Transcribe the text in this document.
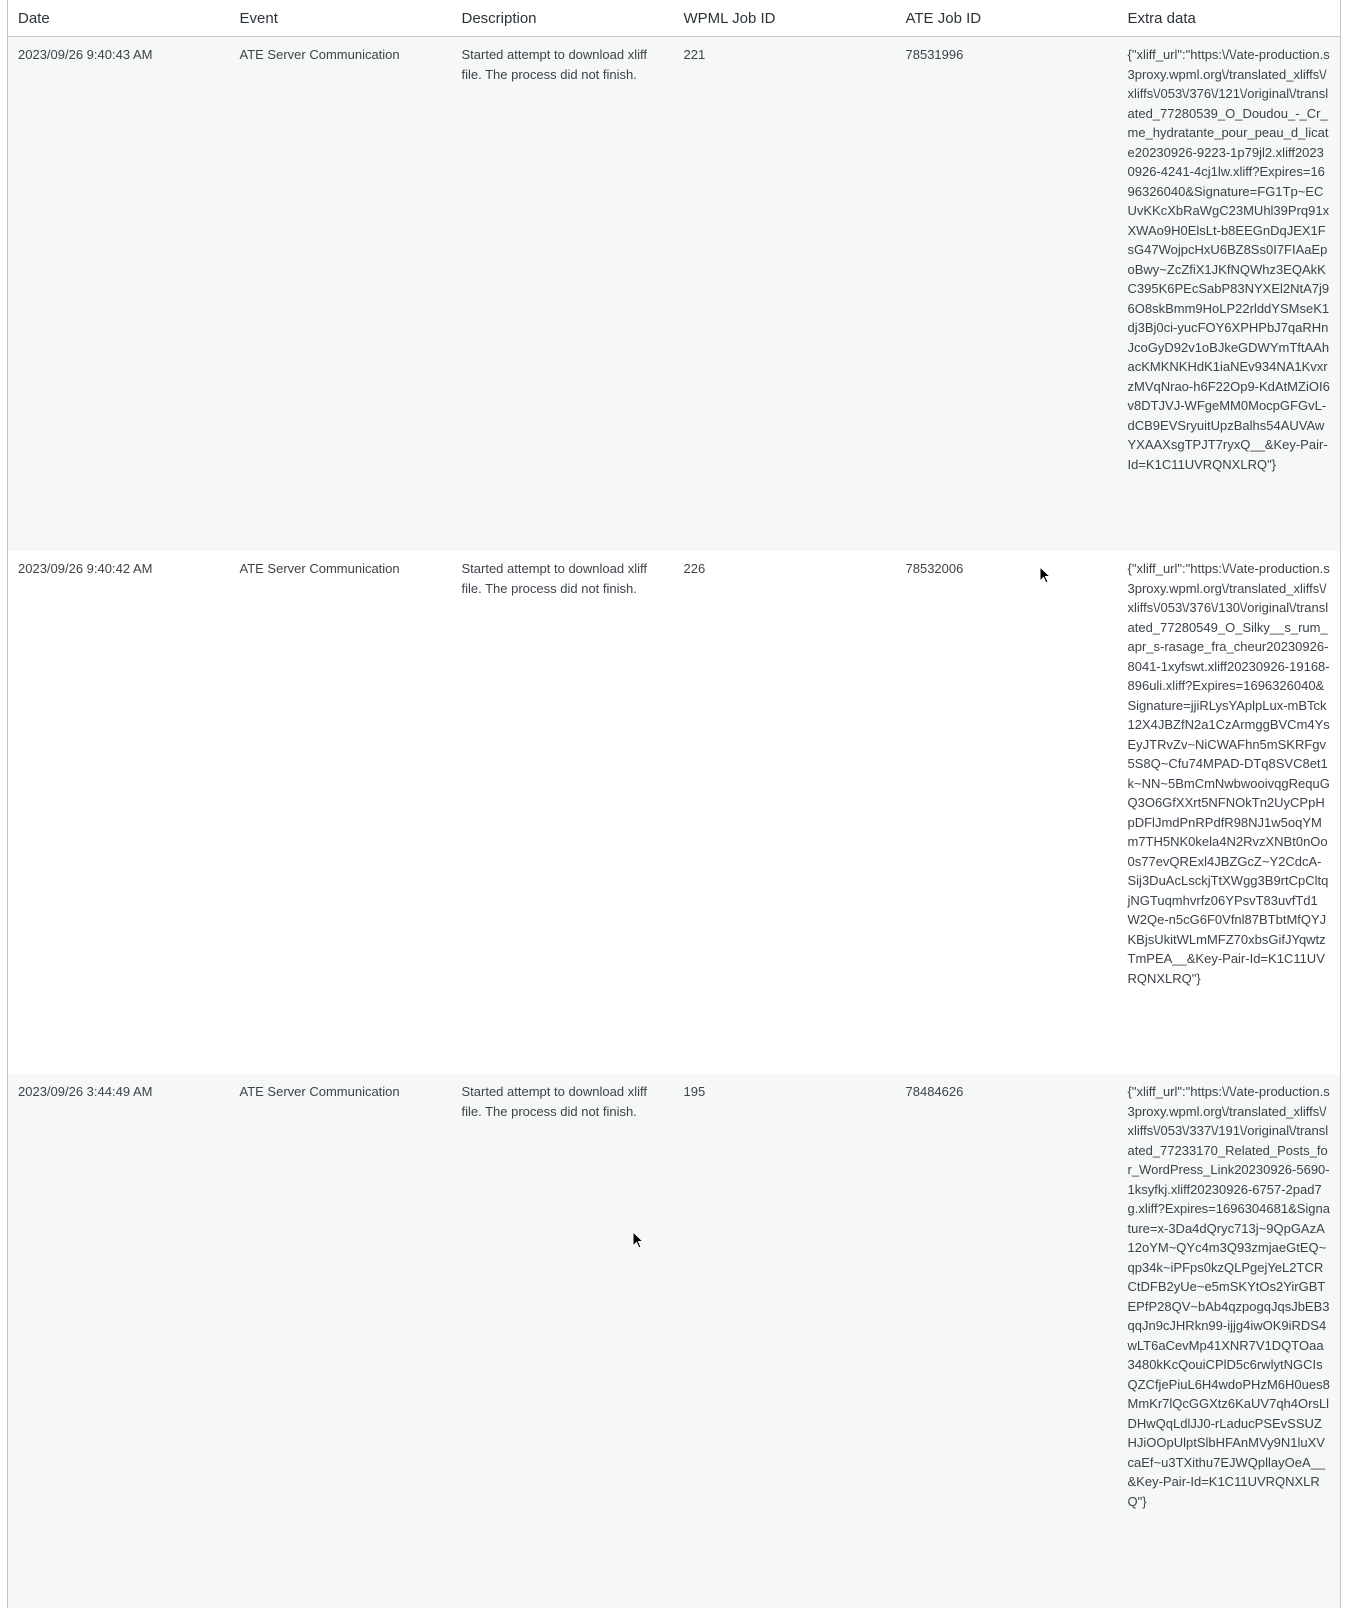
Date	Event	Description	WPML Job ID	ATE Job ID	Extra data
2023/09/26 9:40:43 AM	ATE Server Communication	Started attempt to download xliff file. The process did not finish.	221	78531996	{"xliff_url":"https:\/\/ate-production.s3proxy.wpml.org\/translated_xliffs\/xliffs\/053\/376\/121\/original\/translated_77280539_O_Doudou_-_Cr_me_hydratante_pour_peau_d_licate20230926-9223-1p79jl2.xliff20230926-4241-4cj1lw.xliff?Expires=1696326040&Signature=FG1Tp~ECUvKKcXbRaWgC23MUhl39Prq91xXWAo9H0ElsLt-b8EEGnDqJEX1FsG47WojpcHxU6BZ8Ss0I7FIAaEpoBwy~ZcZfiX1JKfNQWhz3EQAkKC395K6PEcSabP83NYXEl2NtA7j96O8skBmm9HoLP22rlddYSMseK1dj3Bj0ci-yucFOY6XPHPbJ7qaRHnJcoGyD92v1oBJkeGDWYmTftAAhacKMKNKHdK1iaNEv934NA1KvxrzMVqNrao-h6F22Op9-KdAtMZiOI6v8DTJVJ-WFgeMM0MocpGFGvL-dCB9EVSryuitUpzBalhs54AUVAwYXAAXsgTPJT7ryxQ__&Key-Pair-Id=K1C11UVRQNXLRQ"}
2023/09/26 9:40:42 AM	ATE Server Communication	Started attempt to download xliff file. The process did not finish.	226	78532006	{"xliff_url":"https:\/\/ate-production.s3proxy.wpml.org\/translated_xliffs\/xliffs\/053\/376\/130\/original\/translated_77280549_O_Silky__s_rum_apr_s-rasage_fra_cheur20230926-8041-1xyfswt.xliff20230926-19168-896uli.xliff?Expires=1696326040&Signature=jjiRLysYAplpLux-mBTck12X4JBZfN2a1CzArmggBVCm4YsEyJTRvZv~NiCWAFhn5mSKRFgv5S8Q~Cfu74MPAD-DTq8SVC8et1k~NN~5BmCmNwbwooivqgRequGQ3O6GfXXrt5NFNOkTn2UyCPpHpDFlJmdPnRPdfR98NJ1w5oqYMm7TH5NK0kela4N2RvzXNBt0nOo0s77evQRExl4JBZGcZ~Y2CdcA-Sij3DuAcLsckjTtXWgg3B9rtCpCltqjNGTuqmhvrfz06YPsvT83uvfTd1W2Qe-n5cG6F0Vfnl87BTbtMfQYJKBjsUkitWLmMFZ70xbsGifJYqwtzTmPEA__&Key-Pair-Id=K1C11UVRQNXLRQ"}
2023/09/26 3:44:49 AM	ATE Server Communication	Started attempt to download xliff file. The process did not finish.	195	78484626	{"xliff_url":"https:\/\/ate-production.s3proxy.wpml.org\/translated_xliffs\/xliffs\/053\/337\/191\/original\/translated_77233170_Related_Posts_for_WordPress_Link20230926-5690-1ksyfkj.xliff20230926-6757-2pad7g.xliff?Expires=1696304681&Signature=x-3Da4dQryc713j~9QpGAzA12oYM~QYc4m3Q93zmjaeGtEQ~qp34k~iPFps0kzQLPgejYeL2TCRCtDFB2yUe~e5mSKYtOs2YirGBTEPfP28QV~bAb4qzpogqJqsJbEB3qqJn9cJHRkn99-ijjg4iwOK9iRDS4wLT6aCevMp41XNR7V1DQTOaa3480kKcQouiCPlD5c6rwlytNGCIsQZCfjePiuL6H4wdoPHzM6H0ues8MmKr7lQcGGXtz6KaUV7qh4OrsLlDHwQqLdlJJ0-rLaducPSEvSSUZHJiOOpUlptSlbHFAnMVy9N1luXVcaEf~u3TXithu7EJWQpllayOeA__&Key-Pair-Id=K1C11UVRQNXLRQ"}
